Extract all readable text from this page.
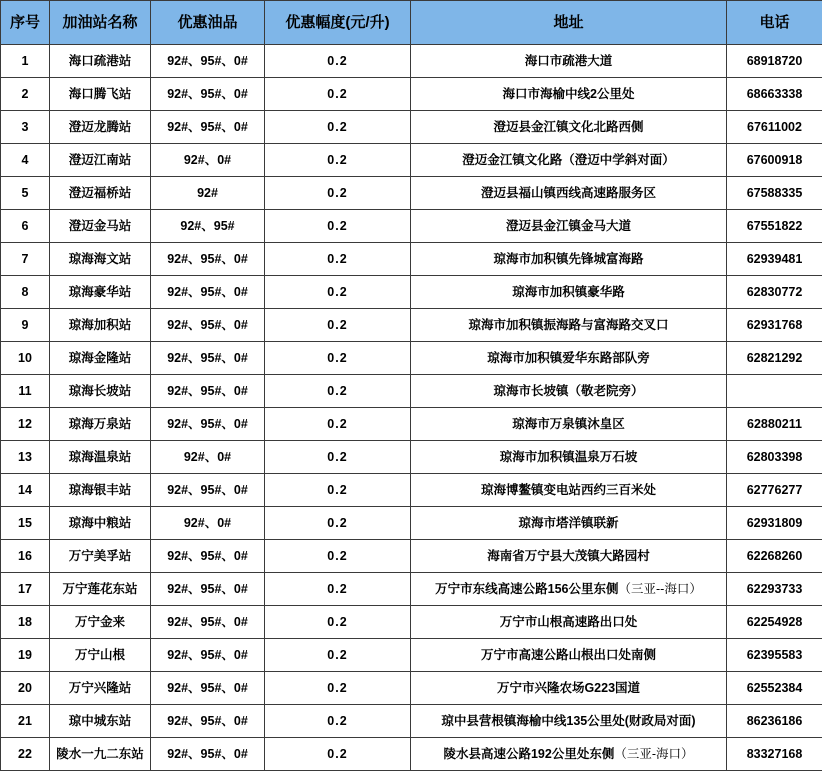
序号	加油站名称	优惠油品	优惠幅度(元/升)	地址	电话
1	海口疏港站	92#、95#、0#	0.2	海口市疏港大道	68918720
2	海口腾飞站	92#、95#、0#	0.2	海口市海榆中线2公里处	68663338
3	澄迈龙腾站	92#、95#、0#	0.2	澄迈县金江镇文化北路西侧	67611002
4	澄迈江南站	92#、0#	0.2	澄迈金江镇文化路（澄迈中学斜对面）	67600918
5	澄迈福桥站	92#	0.2	澄迈县福山镇西线高速路服务区	67588335
6	澄迈金马站	92#、95#	0.2	澄迈县金江镇金马大道	67551822
7	琼海海文站	92#、95#、0#	0.2	琼海市加积镇先锋城富海路	62939481
8	琼海豪华站	92#、95#、0#	0.2	琼海市加积镇豪华路	62830772
9	琼海加积站	92#、95#、0#	0.2	琼海市加积镇振海路与富海路交叉口	62931768
10	琼海金隆站	92#、95#、0#	0.2	琼海市加积镇爱华东路部队旁	62821292
11	琼海长坡站	92#、95#、0#	0.2	琼海市长坡镇（敬老院旁）	
12	琼海万泉站	92#、95#、0#	0.2	琼海市万泉镇沐皇区	62880211
13	琼海温泉站	92#、0#	0.2	琼海市加积镇温泉万石坡	62803398
14	琼海银丰站	92#、95#、0#	0.2	琼海博鳌镇变电站西约三百米处	62776277
15	琼海中粮站	92#、0#	0.2	琼海市塔洋镇联新	62931809
16	万宁美孚站	92#、95#、0#	0.2	海南省万宁县大茂镇大路园村	62268260
17	万宁莲花东站	92#、95#、0#	0.2	万宁市东线高速公路156公里东侧（三亚--海口）	62293733
18	万宁金来	92#、95#、0#	0.2	万宁市山根高速路出口处	62254928
19	万宁山根	92#、95#、0#	0.2	万宁市高速公路山根出口处南侧	62395583
20	万宁兴隆站	92#、95#、0#	0.2	万宁市兴隆农场G223国道	62552384
21	琼中城东站	92#、95#、0#	0.2	琼中县营根镇海榆中线135公里处(财政局对面)	86236186
22	陵水一九二东站	92#、95#、0#	0.2	陵水县高速公路192公里处东侧（三亚-海口）	83327168
